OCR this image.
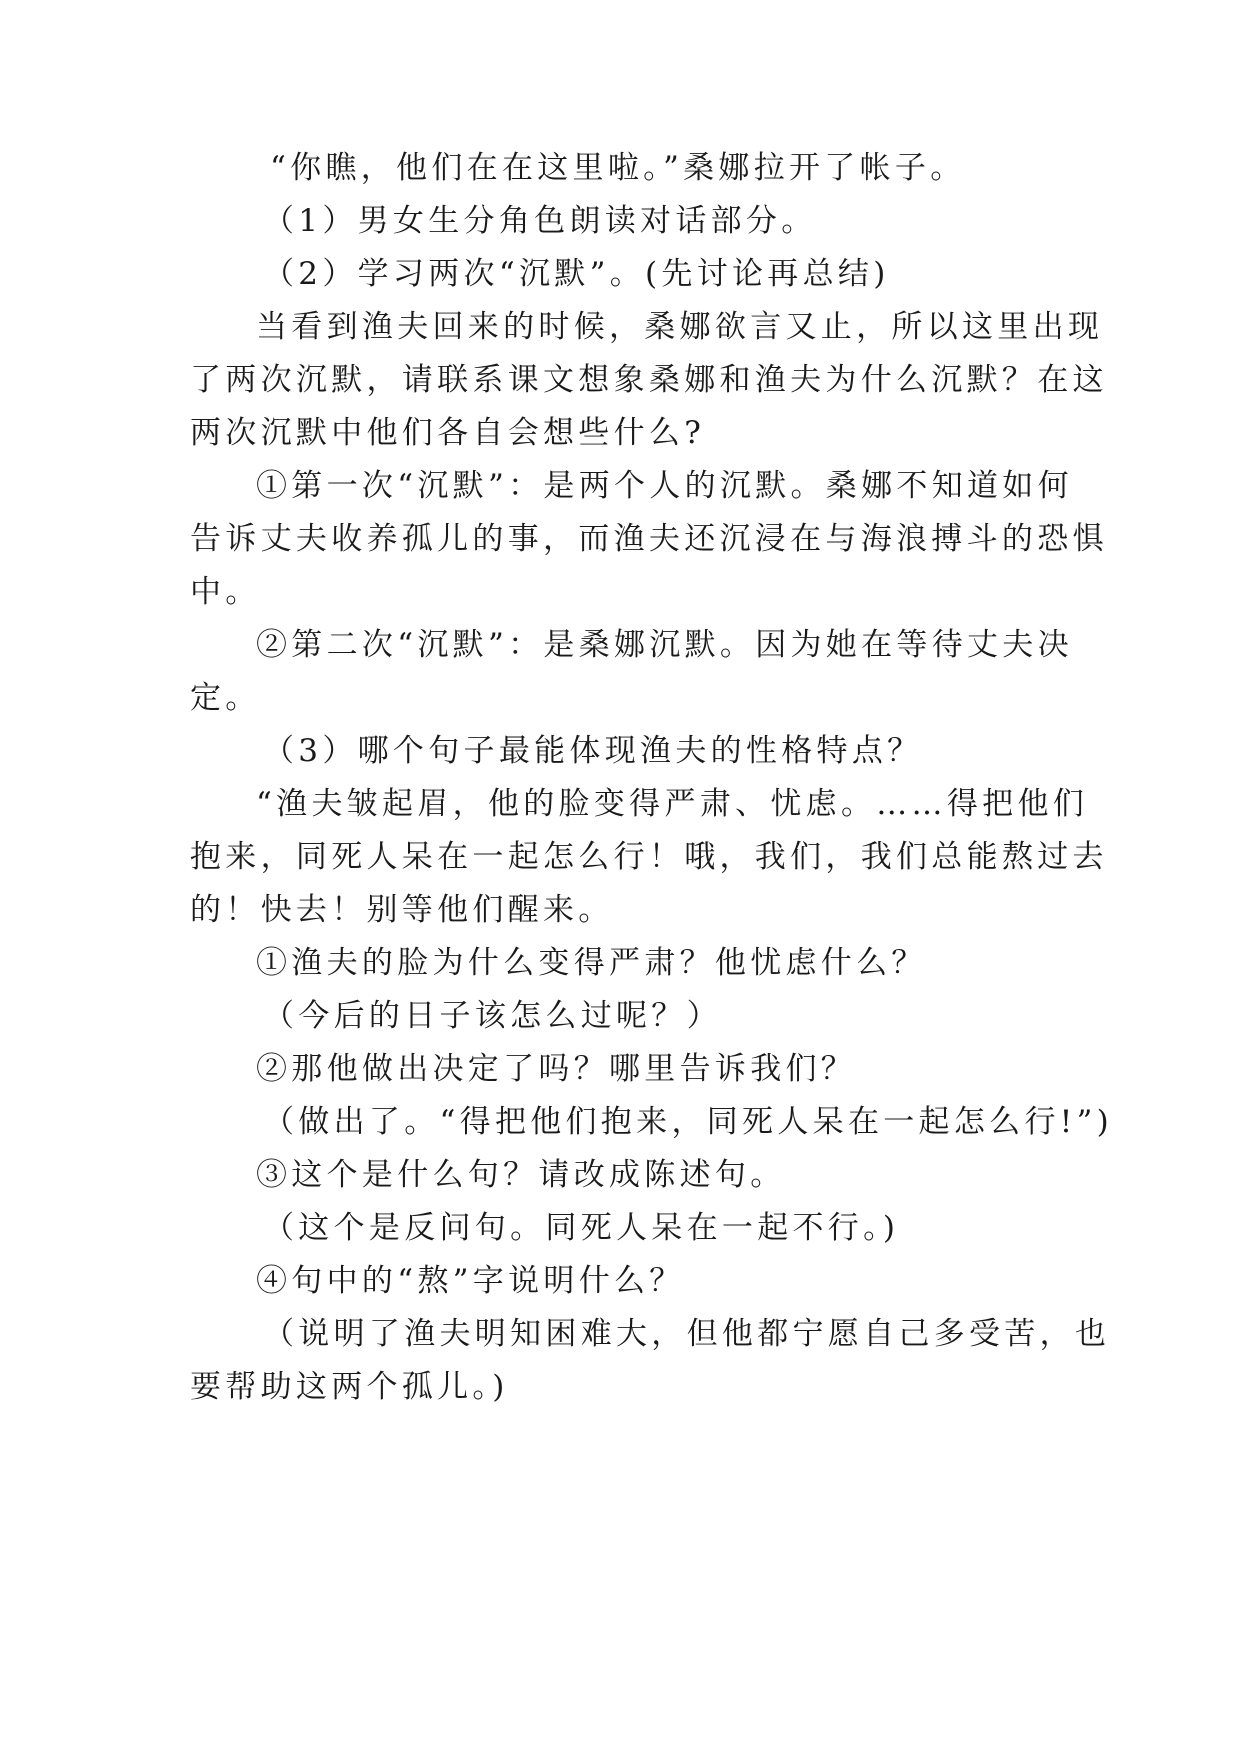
“你瞧，他们在在这里啦。”桑娜拉开了帐子。
（1）男女生分角色朗读对话部分。
（2）学习两次“沉默”。(先讨论再总结)
当看到渔夫回来的时候，桑娜欲言又止，所以这里出现
了两次沉默，请联系课文想象桑娜和渔夫为什么沉默？在这
两次沉默中他们各自会想些什么?
①第一次“沉默”：是两个人的沉默。桑娜不知道如何
告诉丈夫收养孤儿的事，而渔夫还沉浸在与海浪搏斗的恐惧
中。
②第二次“沉默”：是桑娜沉默。因为她在等待丈夫决
定。
（3）哪个句子最能体现渔夫的性格特点？
“渔夫皱起眉，他的脸变得严肃、忧虑。……得把他们
抱来，同死人呆在一起怎么行！哦，我们，我们总能熬过去
的！快去！别等他们醒来。
①渔夫的脸为什么变得严肃？他忧虑什么？
（今后的日子该怎么过呢？）
②那他做出决定了吗？哪里告诉我们？
（做出了。“得把他们抱来，同死人呆在一起怎么行!”)
③这个是什么句？请改成陈述句。
（这个是反问句。同死人呆在一起不行。)
④句中的“熬”字说明什么？
（说明了渔夫明知困难大，但他都宁愿自己多受苦，也
要帮助这两个孤儿。)
